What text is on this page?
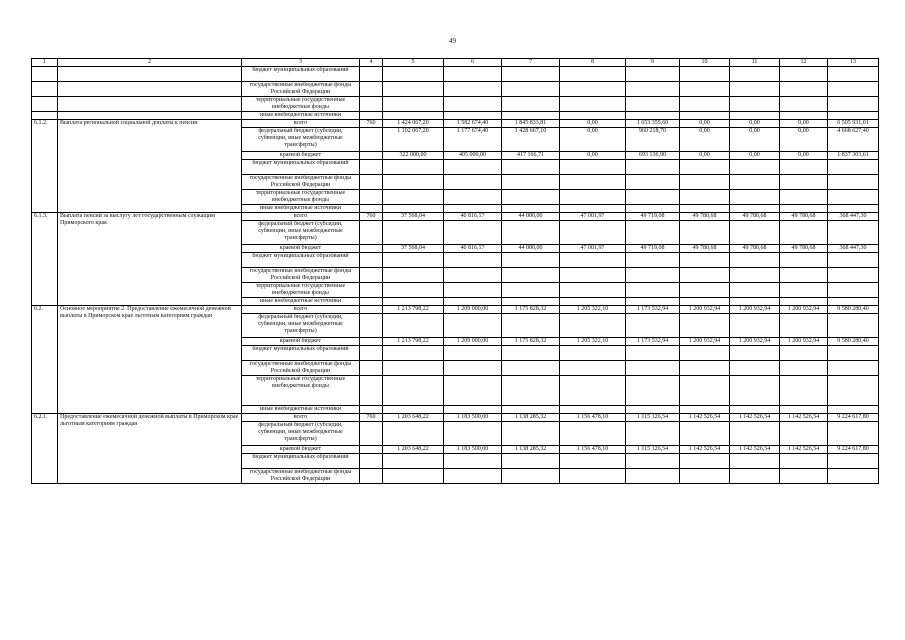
49
1	2	3	4	5	6	7	8	9	10	11	12	13
		бюджет муниципальных образований										
		государственные внебюджетные фонды Российской Федерации										
		территориальные государственные внебюджетные фонды										
		иные внебюджетные источники										
6.1.2.	Выплата региональной социальной доплаты к пенсии	всего	760	1 424 067,20	1 582 674,40	1 845 833,81	0,00	1 653 355,60	0,00	0,00	0,00	6 505 931,01
		федеральный бюджет (субсидии, субвенции, иные межбюджетные трансферты)		1 102 067,20	1 177 674,40	1 428 667,10	0,00	960 218,70	0,00	0,00	0,00	4 668 627,40
		краевой бюджет		322 000,00	405 000,00	417 166,71	0,00	693 136,90	0,00	0,00	0,00	1 837 303,61
		бюджет муниципальных образований										
		государственные внебюджетные фонды Российской Федерации										
		территориальные государственные внебюджетные фонды										
		иные внебюджетные источники										
6.1.3.	Выплата пенсий за выслугу лет государственным служащим Приморского края	всего	760	37 568,04	40 816,17	44 000,00	47 001,97	49 719,08	49 780,68	49 780,68	49 780,68	368 447,30
		федеральный бюджет (субсидии, субвенции, иные межбюджетные трансферты)										
		краевой бюджет		37 568,04	40 816,17	44 000,00	47 001,97	49 719,08	49 780,68	49 780,68	49 780,68	368 447,30
		бюджет муниципальных образований										
		государственные внебюджетные фонды Российской Федерации										
		территориальные государственные внебюджетные фонды										
		иные внебюджетные источники										
6.2.	Основное мероприятие 2. Предоставление ежемесячной денежной выплаты в Приморском крае льготным категориям граждан	всего		1 213 798,22	1 209 000,00	1 175 828,32	1 205 322,10	1 173 532,94	1 200 932,94	1 200 932,94	1 200 932,94	9 580 280,40
		федеральный бюджет (субсидии, субвенции, иные межбюджетные трансферты)										
		краевой бюджет		1 213 798,22	1 209 000,00	1 175 828,32	1 205 322,10	1 173 532,94	1 200 932,94	1 200 932,94	1 200 932,94	9 580 280,40
		бюджет муниципальных образований										
		государственные внебюджетные фонды Российской Федерации										
		территориальные государственные внебюджетные фонды										
		иные внебюджетные источники										
6.2.1.	Предоставление ежемесячной денежной выплаты в Приморском крае льготным категориям граждан	всего	760	1 203 648,22	1 183 500,00	1 138 285,32	1 156 478,10	1 115 126,54	1 142 526,54	1 142 526,54	1 142 526,54	9 224 617,80
		федеральный бюджет (субсидии, субвенции, иные межбюджетные трансферты)										
		краевой бюджет		1 203 648,22	1 183 500,00	1 138 285,32	1 156 478,10	1 115 126,54	1 142 526,54	1 142 526,54	1 142 526,54	9 224 617,80
		бюджет муниципальных образований										
		государственные внебюджетные фонды Российской Федерации										
